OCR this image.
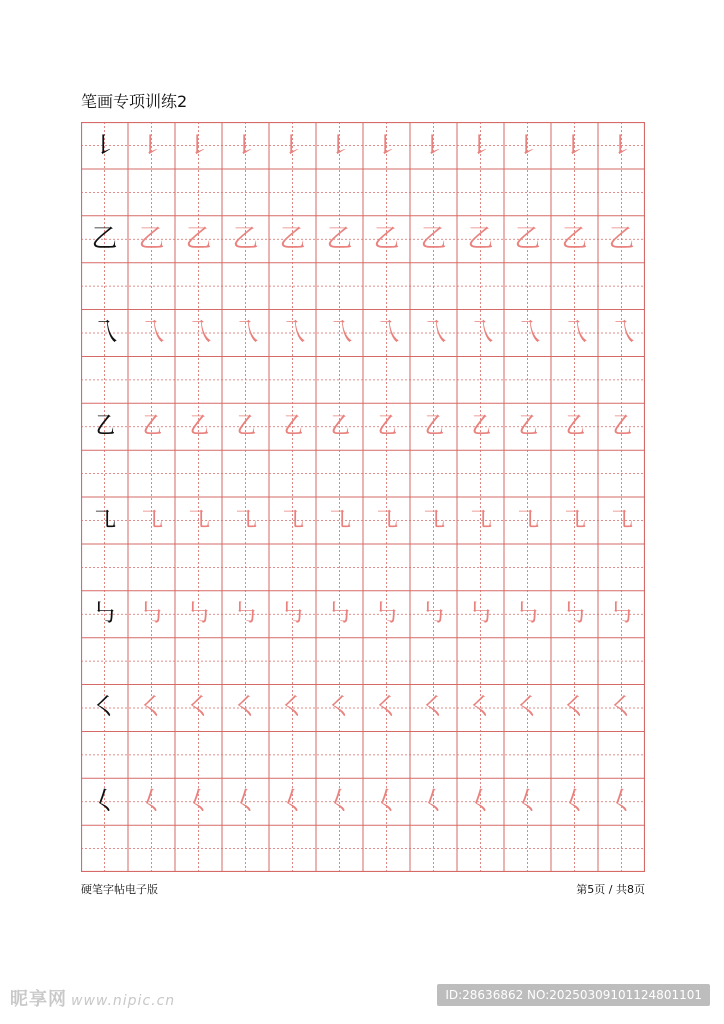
笔画专项训练2
㇙ ㇙ ㇙ ㇙ ㇙ ㇙ ㇙ ㇙ ㇙ ㇙ ㇙ ㇙
乙 乙 乙 乙 乙 乙 乙 乙 乙 乙 乙 乙
乁 乁 乁 乁 乁 乁 乁 乁 乁 乁 乁 乁
㇠ ㇠ ㇠ ㇠ ㇠ ㇠ ㇠ ㇠ ㇠ ㇠ ㇠ ㇠
㇈ ㇈ ㇈ ㇈ ㇈ ㇈ ㇈ ㇈ ㇈ ㇈ ㇈ ㇈
㇉ ㇉ ㇉ ㇉ ㇉ ㇉ ㇉ ㇉ ㇉ ㇉ ㇉ ㇉
㇛ ㇛ ㇛ ㇛ ㇛ ㇛ ㇛ ㇛ ㇛ ㇛ ㇛ ㇛
𡿨 𡿨 𡿨 𡿨 𡿨 𡿨 𡿨 𡿨 𡿨 𡿨 𡿨 𡿨
硬笔字帖电子版	第5页 / 共8页
昵享网 www.nipic.cn	ID:28636862 NO:20250309101124801101
